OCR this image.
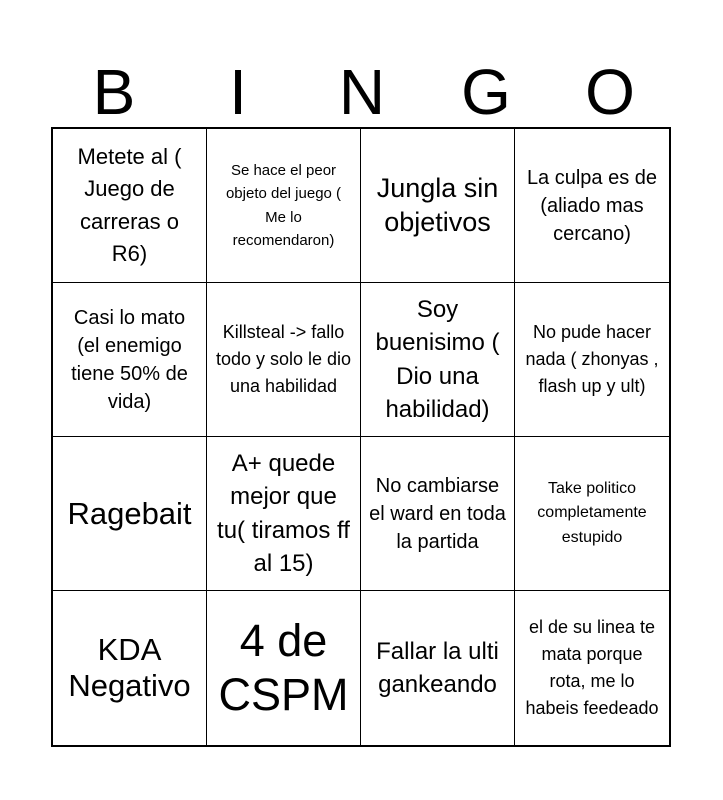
B	I	N	G	O
Metete al ( Juego de carreras o R6)
Se hace el peor objeto del juego ( Me lo recomendaron)
Jungla sin objetivos
La culpa es de (aliado mas cercano)
Casi lo mato (el enemigo tiene 50% de vida)
Killsteal -> fallo todo y solo le dio una habilidad
Soy buenisimo ( Dio una habilidad)
No pude hacer nada ( zhonyas , flash up y ult)
Ragebait
A+ quede mejor que tu( tiramos ff al 15)
No cambiarse el ward en toda la partida
Take politico completamente estupido
KDA Negativo
4 de CSPM
Fallar la ulti gankeando
el de su linea te mata porque rota, me lo habeis feedeado
